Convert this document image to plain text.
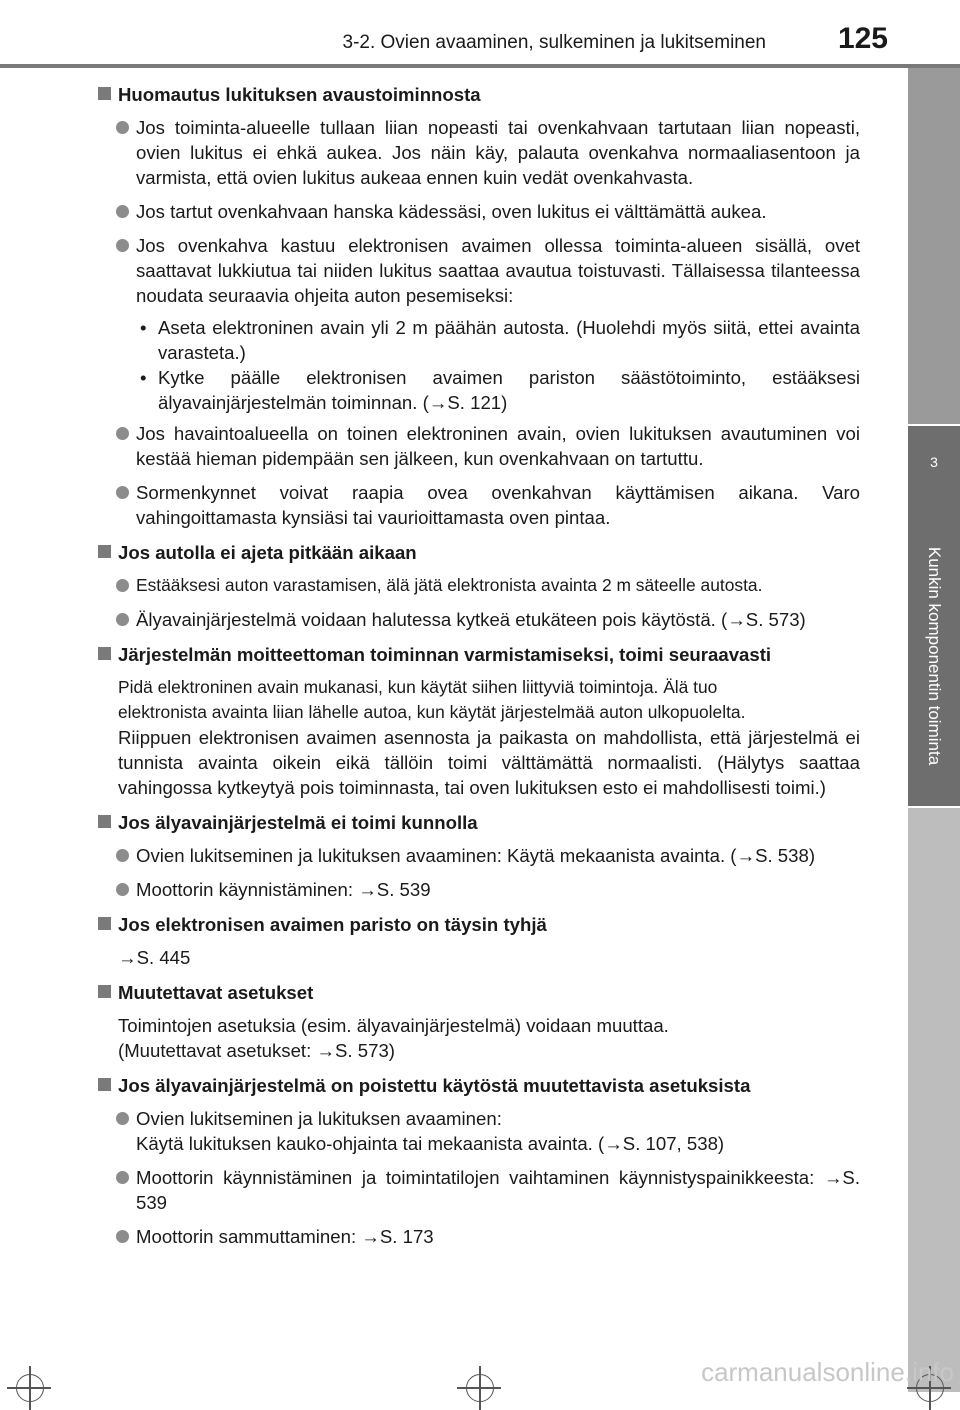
3-2. Ovien avaaminen, sulkeminen ja lukitseminen 125
3
Kunkin komponentin toiminta
Huomautus lukituksen avaustoiminnosta
Jos toiminta-alueelle tullaan liian nopeasti tai ovenkahvaan tartutaan liian nopeasti, ovien lukitus ei ehkä aukea. Jos näin käy, palauta ovenkahva normaaliasentoon ja varmista, että ovien lukitus aukeaa ennen kuin vedät ovenkahvasta.
Jos tartut ovenkahvaan hanska kädessäsi, oven lukitus ei välttämättä aukea.
Jos ovenkahva kastuu elektronisen avaimen ollessa toiminta-alueen sisällä, ovet saattavat lukkiutua tai niiden lukitus saattaa avautua toistuvasti. Tällaisessa tilanteessa noudata seuraavia ohjeita auton pesemiseksi:
• Aseta elektroninen avain yli 2 m päähän autosta. (Huolehdi myös siitä, ettei avainta varasteta.)
• Kytke päälle elektronisen avaimen pariston säästötoiminto, estääksesi älyavainjärjestelmän toiminnan. (→S. 121)
Jos havaintoalueella on toinen elektroninen avain, ovien lukituksen avautuminen voi kestää hieman pidempään sen jälkeen, kun ovenkahvaan on tartuttu.
Sormenkynnet voivat raapia ovea ovenkahvan käyttämisen aikana. Varo vahingoittamasta kynsiäsi tai vaurioittamasta oven pintaa.
Jos autolla ei ajeta pitkään aikaan
Estääksesi auton varastamisen, älä jätä elektronista avainta 2 m säteelle autosta.
Älyavainjärjestelmä voidaan halutessa kytkeä etukäteen pois käytöstä. (→S. 573)
Järjestelmän moitteettoman toiminnan varmistamiseksi, toimi seuraavasti
Pidä elektroninen avain mukanasi, kun käytät siihen liittyviä toimintoja. Älä tuo
elektronista avainta liian lähelle autoa, kun käytät järjestelmää auton ulkopuolelta.
Riippuen elektronisen avaimen asennosta ja paikasta on mahdollista, että järjestelmä ei tunnista avainta oikein eikä tällöin toimi välttämättä normaalisti. (Hälytys saattaa vahingossa kytkeytyä pois toiminnasta, tai oven lukituksen esto ei mahdollisesti toimi.)
Jos älyavainjärjestelmä ei toimi kunnolla
Ovien lukitseminen ja lukituksen avaaminen: Käytä mekaanista avainta. (→S. 538)
Moottorin käynnistäminen: →S. 539
Jos elektronisen avaimen paristo on täysin tyhjä
→S. 445
Muutettavat asetukset
Toimintojen asetuksia (esim. älyavainjärjestelmä) voidaan muuttaa.
(Muutettavat asetukset: →S. 573)
Jos älyavainjärjestelmä on poistettu käytöstä muutettavista asetuksista
Ovien lukitseminen ja lukituksen avaaminen:
Käytä lukituksen kauko-ohjainta tai mekaanista avainta. (→S. 107, 538)
Moottorin käynnistäminen ja toimintatilojen vaihtaminen käynnistyspainikkeesta: →S. 539
Moottorin sammuttaminen: →S. 173
carmanualsonline.info
